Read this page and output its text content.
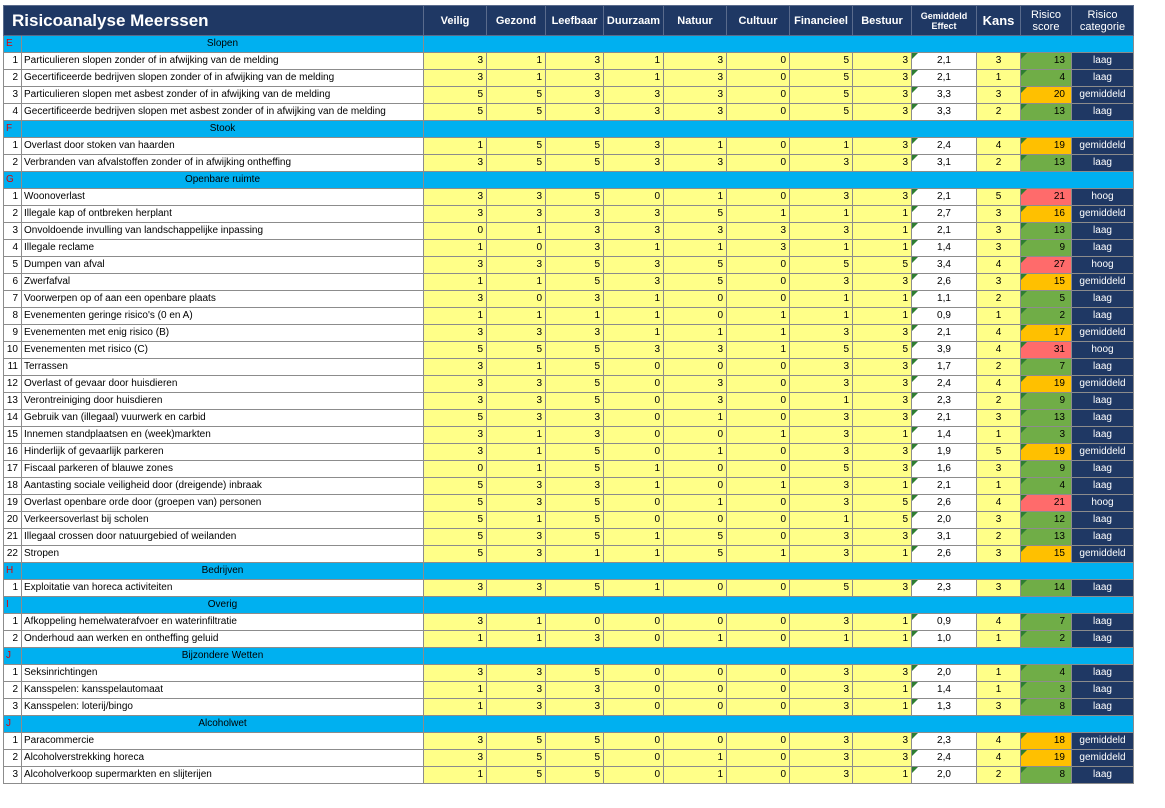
Risicoanalyse Meerssen		Veilig	Gezond	Leefbaar	Duurzaam	Natuur	Cultuur	Financieel	Bestuur	Gemiddeld Effect	Kans	Risico score	Risico categorie
E	Slopen												
1	Particulieren slopen zonder of in afwijking van de melding	3	1	3	1	3	0	5	3	2,1	3	13	laag
2	Gecertificeerde bedrijven slopen zonder of in afwijking van de melding	3	1	3	1	3	0	5	3	2,1	1	4	laag
3	Particulieren slopen met asbest zonder of in afwijking van de melding	5	5	3	3	3	0	5	3	3,3	3	20	gemiddeld
4	Gecertificeerde bedrijven slopen met asbest zonder of in afwijking van de melding	5	5	3	3	3	0	5	3	3,3	2	13	laag
F	Stook												
1	Overlast door stoken van haarden	1	5	5	3	1	0	1	3	2,4	4	19	gemiddeld
2	Verbranden van afvalstoffen zonder of in afwijking ontheffing	3	5	5	3	3	0	3	3	3,1	2	13	laag
G	Openbare ruimte												
1	Woonoverlast	3	3	5	0	1	0	3	3	2,1	5	21	hoog
2	Illegale kap of ontbreken herplant	3	3	3	3	5	1	1	1	2,7	3	16	gemiddeld
3	Onvoldoende invulling van landschappelijke inpassing	0	1	3	3	3	3	3	1	2,1	3	13	laag
4	Illegale reclame	1	0	3	1	1	3	1	1	1,4	3	9	laag
5	Dumpen van afval	3	3	5	3	5	0	5	5	3,4	4	27	hoog
6	Zwerfafval	1	1	5	3	5	0	3	3	2,6	3	15	gemiddeld
7	Voorwerpen op of aan een openbare plaats	3	0	3	1	0	0	1	1	1,1	2	5	laag
8	Evenementen geringe risico's (0 en A)	1	1	1	1	0	1	1	1	0,9	1	2	laag
9	Evenementen met enig risico (B)	3	3	3	1	1	1	3	3	2,1	4	17	gemiddeld
10	Evenementen met risico (C)	5	5	5	3	3	1	5	5	3,9	4	31	hoog
11	Terrassen	3	1	5	0	0	0	3	3	1,7	2	7	laag
12	Overlast of gevaar door huisdieren	3	3	5	0	3	0	3	3	2,4	4	19	gemiddeld
13	Verontreiniging door huisdieren	3	3	5	0	3	0	1	3	2,3	2	9	laag
14	Gebruik van (illegaal) vuurwerk en carbid	5	3	3	0	1	0	3	3	2,1	3	13	laag
15	Innemen standplaatsen en (week)markten	3	1	3	0	0	1	3	1	1,4	1	3	laag
16	Hinderlijk of gevaarlijk parkeren	3	1	5	0	1	0	3	3	1,9	5	19	gemiddeld
17	Fiscaal parkeren of blauwe zones	0	1	5	1	0	0	5	3	1,6	3	9	laag
18	Aantasting sociale veiligheid door (dreigende) inbraak	5	3	3	1	0	1	3	1	2,1	1	4	laag
19	Overlast openbare orde door (groepen van) personen	5	3	5	0	1	0	3	5	2,6	4	21	hoog
20	Verkeersoverlast bij scholen	5	1	5	0	0	0	1	5	2,0	3	12	laag
21	Illegaal crossen door natuurgebied of weilanden	5	3	5	1	5	0	3	3	3,1	2	13	laag
22	Stropen	5	3	1	1	5	1	3	1	2,6	3	15	gemiddeld
H	Bedrijven												
1	Exploitatie van horeca activiteiten	3	3	5	1	0	0	5	3	2,3	3	14	laag
I	Overig												
1	Afkoppeling hemelwaterafvoer en waterinfiltratie	3	1	0	0	0	0	3	1	0,9	4	7	laag
2	Onderhoud aan werken en ontheffing geluid	1	1	3	0	1	0	1	1	1,0	1	2	laag
J	Bijzondere Wetten												
1	Seksinrichtingen	3	3	5	0	0	0	3	3	2,0	1	4	laag
2	Kansspelen: kansspelautomaat	1	3	3	0	0	0	3	1	1,4	1	3	laag
3	Kansspelen: loterij/bingo	1	3	3	0	0	0	3	1	1,3	3	8	laag
J	Alcoholwet												
1	Paracommercie	3	5	5	0	0	0	3	3	2,3	4	18	gemiddeld
2	Alcoholverstrekking horeca	3	5	5	0	1	0	3	3	2,4	4	19	gemiddeld
3	Alcoholverkoop supermarkten en slijterijen	1	5	5	0	1	0	3	1	2,0	2	8	laag
